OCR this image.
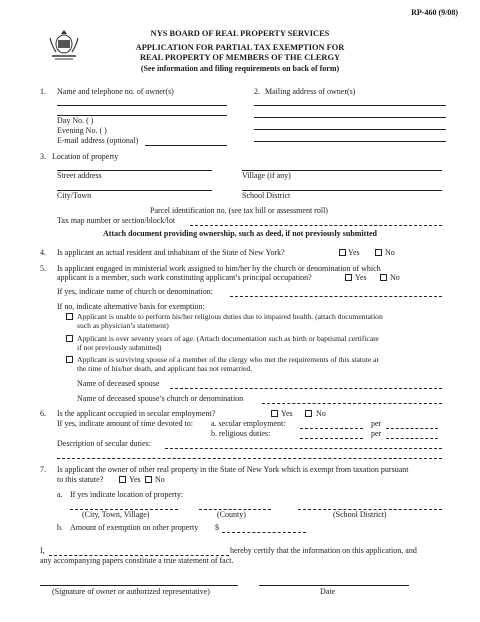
RP-460 (9/08)
NYS BOARD OF REAL PROPERTY SERVICES
APPLICATION FOR PARTIAL TAX EXEMPTION FOR
REAL PROPERTY OF MEMBERS OF THE CLERGY
(See information and filing requirements on back of form)
1. Name and telephone no. of owner(s)
Day No. ( )
Evening No. ( )
E-mail address (optional)
2. Mailing address of owner(s)
3. Location of property
Street address	Village (if any)
City/Town	School District
Parcel identification no. (see tax bill or assessment roll)
Tax map number or section/block/lot
Attach document providing ownership, such as deed, if not previously submitted
4. Is applicant an actual resident and inhabitant of the State of New York?	Yes	No
5. Is applicant engaged in ministerial work assigned to him/her by the church or denomination of which
applicant is a member, such work constituting applicant’s principal occupation?	Yes	No
If yes, indicate name of church or denomination:
If no, indicate alternative basis for exemption:
Applicant is unable to perform his/her religious duties due to impaired health. (attach documentation
such as physician’s statement)
Applicant is over seventy years of age. (Attach documentation such as birth or baptismal certificate
if not previously submitted)
Applicant is surviving spouse of a member of the clergy who met the requirements of this statute at
the time of his/her death, and applicant has not remarried.
Name of deceased spouse
Name of deceased spouse’s church or denomination
6. Is the applicant occupied in secular employment?	Yes	No
If yes, indicate amount of time devoted to: a. secular employment:	per
b. religious duties:	per
Description of secular duties:
7. Is applicant the owner of other real property in the State of New York which is exempt from taxation pursuant
to this statute?	Yes No
a. If yes indicate location of property:
(City, Town, Village)	(County)	(School District)
b. Amount of exemption on other property $
I,	hereby certify that the information on this application, and
any accompanying papers constitute a true statement of fact.
(Signature of owner or authorized representative)	Date
